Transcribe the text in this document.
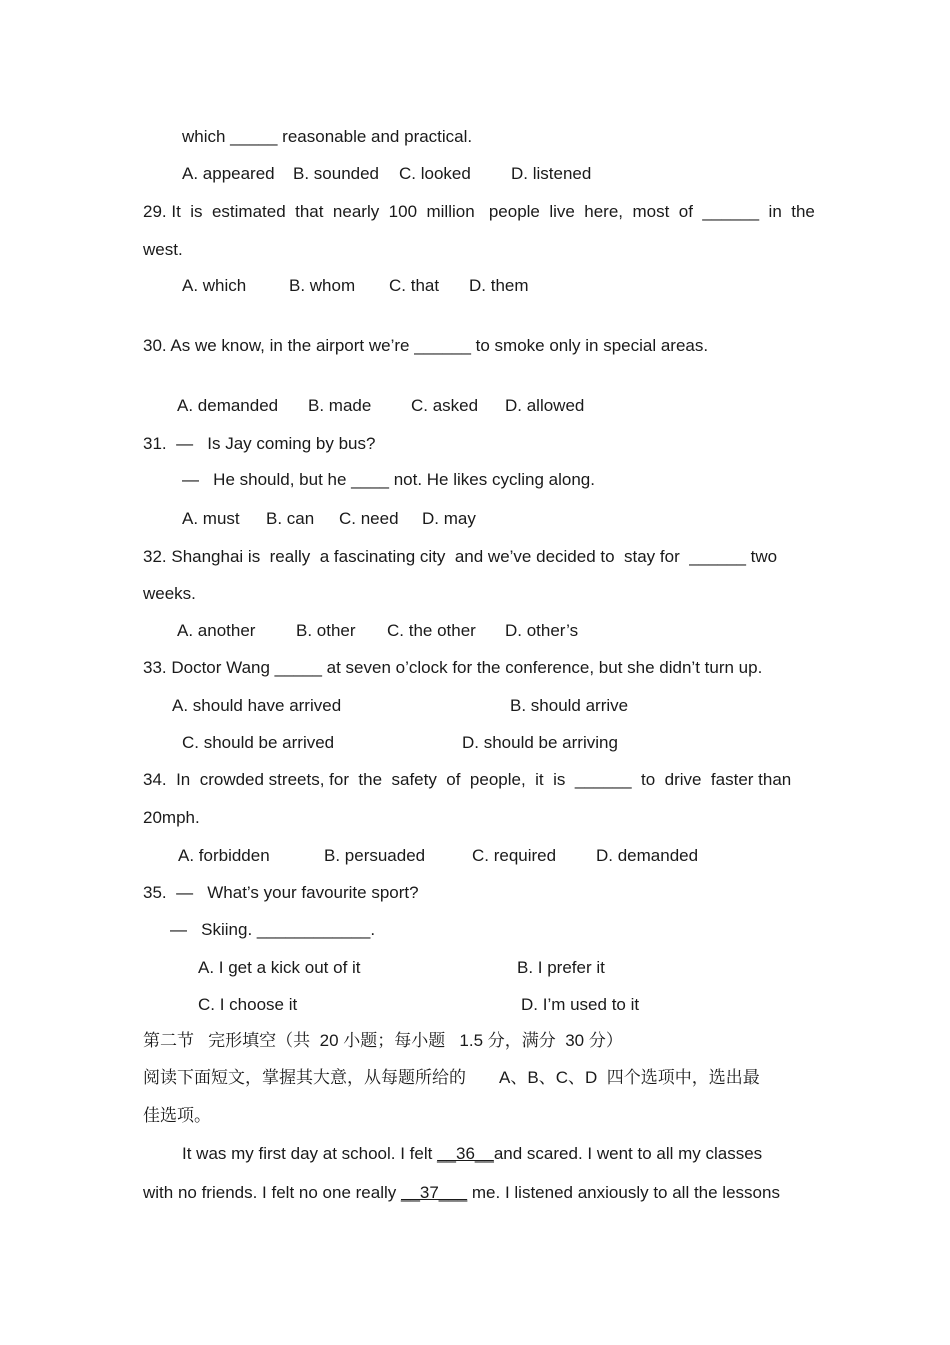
which _____ reasonable and practical.
A. appeared B. sounded C. looked D. listened
29. It  is  estimated  that  nearly  100  million   people  live  here,  most  of  ______  in  the
west.
A. which	B. whom C. that D. them
30. As we know, in the airport we’re ______ to smoke only in special areas.
A. demanded B. made C. asked D. allowed
31.  —   Is Jay coming by bus?
—   He should, but he ____ not. He likes cycling along.
A. must B. can C. need D. may
32. Shanghai is  really  a fascinating city  and we’ve decided to  stay for  ______ two
weeks.
A. another B. other C. the other D. other’s
33. Doctor Wang _____ at seven o’clock for the conference, but she didn’t turn up.
A. should have arrived	B. should arrive
C. should be arrived	D. should be arriving
34.  In  crowded streets, for  the  safety  of  people,  it  is  ______  to  drive  faster than
20mph.
A. forbidden	B. persuaded	C. required D. demanded
35.  —   What’s your favourite sport?
—   Skiing. ____________.
A. I get a kick out of it	B. I prefer it
C. I choose it	D. I’m used to it
第二节   完形填空（共  20 小题；每小题   1.5 分，满分  30 分）
阅读下面短文，掌握其大意，从每题所给的       A、B、C、D  四个选项中，选出最
佳选项。
It was my first day at school. I felt __36__and scared. I went to all my classes
with no friends. I felt no one really __37___ me. I listened anxiously to all the lessons
